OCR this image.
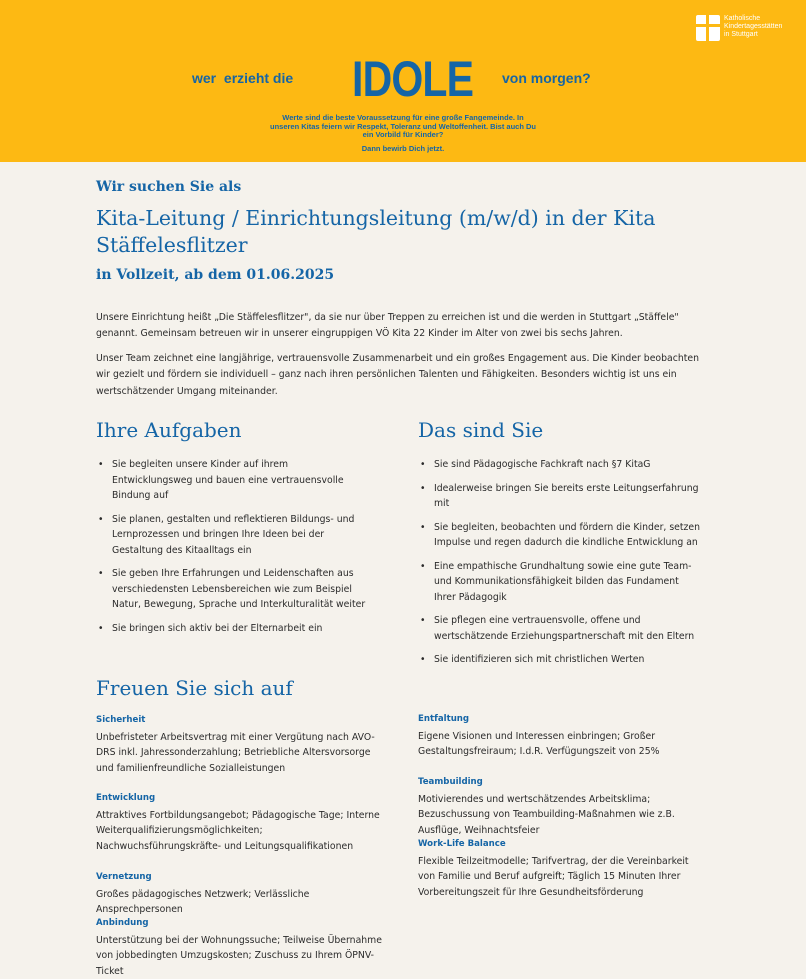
Katholische
Kindertagesstätten
in Stuttgart
wer  erzieht die IDOLE von morgen?
Werte sind die beste Voraussetzung für eine große Fangemeinde. In
unseren Kitas feiern wir Respekt, Toleranz und Weltoffenheit. Bist auch Du
ein Vorbild für Kinder?
Dann bewirb Dich jetzt.
Wir suchen Sie als
Kita-Leitung / Einrichtungsleitung (m/w/d) in der Kita Stäffelesflitzer
in Vollzeit, ab dem 01.06.2025
Unsere Einrichtung heißt „Die Stäffelesflitzer", da sie nur über Treppen zu erreichen ist und die werden in Stuttgart „Stäffele" genannt. Gemeinsam betreuen wir in unserer eingruppigen VÖ Kita 22 Kinder im Alter von zwei bis sechs Jahren.
Unser Team zeichnet eine langjährige, vertrauensvolle Zusammenarbeit und ein großes Engagement aus. Die Kinder beobachten wir gezielt und fördern sie individuell – ganz nach ihren persönlichen Talenten und Fähigkeiten. Besonders wichtig ist uns ein wertschätzender Umgang miteinander.
Ihre Aufgaben
• Sie begleiten unsere Kinder auf ihrem Entwicklungsweg und bauen eine vertrauensvolle Bindung auf
• Sie planen, gestalten und reflektieren Bildungs- und Lernprozessen und bringen Ihre Ideen bei der Gestaltung des Kitaalltags ein
• Sie geben Ihre Erfahrungen und Leidenschaften aus verschiedensten Lebensbereichen wie zum Beispiel Natur, Bewegung, Sprache und Interkulturalität weiter
• Sie bringen sich aktiv bei der Elternarbeit ein
Das sind Sie
• Sie sind Pädagogische Fachkraft nach §7 KitaG
• Idealerweise bringen Sie bereits erste Leitungserfahrung mit
• Sie begleiten, beobachten und fördern die Kinder, setzen Impulse und regen dadurch die kindliche Entwicklung an
• Eine empathische Grundhaltung sowie eine gute Team- und Kommunikationsfähigkeit bilden das Fundament Ihrer Pädagogik
• Sie pflegen eine vertrauensvolle, offene und wertschätzende Erziehungspartnerschaft mit den Eltern
• Sie identifizieren sich mit christlichen Werten
Freuen Sie sich auf
Sicherheit
Unbefristeter Arbeitsvertrag mit einer Vergütung nach AVO-DRS inkl. Jahressonderzahlung; Betriebliche Altersvorsorge und familienfreundliche Sozialleistungen
Entwicklung
Attraktives Fortbildungsangebot; Pädagogische Tage; Interne Weiterqualifizierungsmöglichkeiten; Nachwuchsführungskräfte- und Leitungsqualifikationen
Vernetzung
Großes pädagogisches Netzwerk; Verlässliche Ansprechpersonen
Anbindung
Unterstützung bei der Wohnungssuche; Teilweise Übernahme von jobbedingten Umzugskosten; Zuschuss zu Ihrem ÖPNV-Ticket
Entfaltung
Eigene Visionen und Interessen einbringen; Großer Gestaltungsfreiraum; I.d.R. Verfügungszeit von 25%
Teambuilding
Motivierendes und wertschätzendes Arbeitsklima; Bezuschussung von Teambuilding-Maßnahmen wie z.B. Ausflüge, Weihnachtsfeier
Work-Life Balance
Flexible Teilzeitmodelle; Tarifvertrag, der die Vereinbarkeit von Familie und Beruf aufgreift; Täglich 15 Minuten Ihrer Vorbereitungszeit für Ihre Gesundheitsförderung
